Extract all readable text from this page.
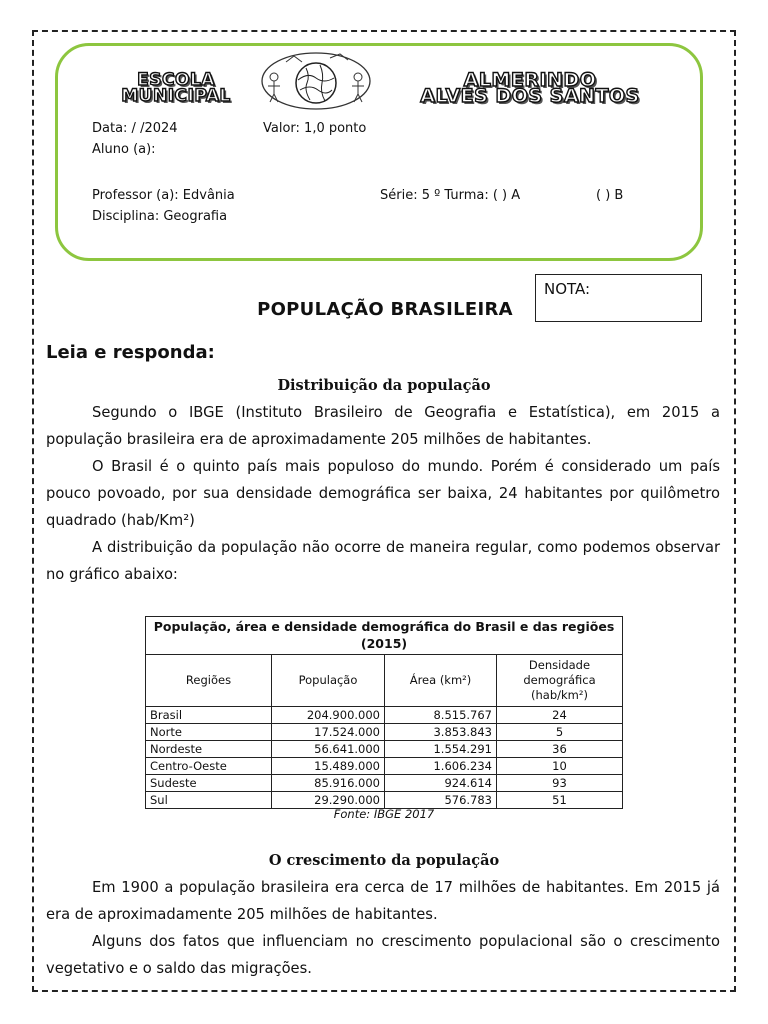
ESCOLA
MUNICIPAL
ALMERINDO
ALVES DOS SANTOS
Data: / /2024	Valor: 1,0 ponto
Aluno (a):
Professor (a): Edvânia	Série: 5 º Turma: ( ) A	( ) B
Disciplina: Geografia
NOTA:
POPULAÇÃO BRASILEIRA
Leia e responda:
Distribuição da população

Segundo o IBGE (Instituto Brasileiro de Geografia e Estatística), em 2015 a população brasileira era de aproximadamente 205 milhões de habitantes.

O Brasil é o quinto país mais populoso do mundo. Porém é considerado um país pouco povoado, por sua densidade demográfica ser baixa, 24 habitantes por quilômetro quadrado (hab/Km²)

A distribuição da população não ocorre de maneira regular, como podemos observar no gráfico abaixo:

População, área e densidade demográfica do Brasil e das regiões (2015)
Regiões	População	Área (km²)	Densidade demográfica (hab/km²)
Brasil	204.900.000	8.515.767	24
Norte	17.524.000	3.853.843	5
Nordeste	56.641.000	1.554.291	36
Centro-Oeste	15.489.000	1.606.234	10
Sudeste	85.916.000	924.614	93
Sul	29.290.000	576.783	51
Fonte: IBGE 2017
O crescimento da população

Em 1900 a população brasileira era cerca de 17 milhões de habitantes. Em 2015 já era de aproximadamente 205 milhões de habitantes.

Alguns dos fatos que influenciam no crescimento populacional são o crescimento vegetativo e o saldo das migrações.
